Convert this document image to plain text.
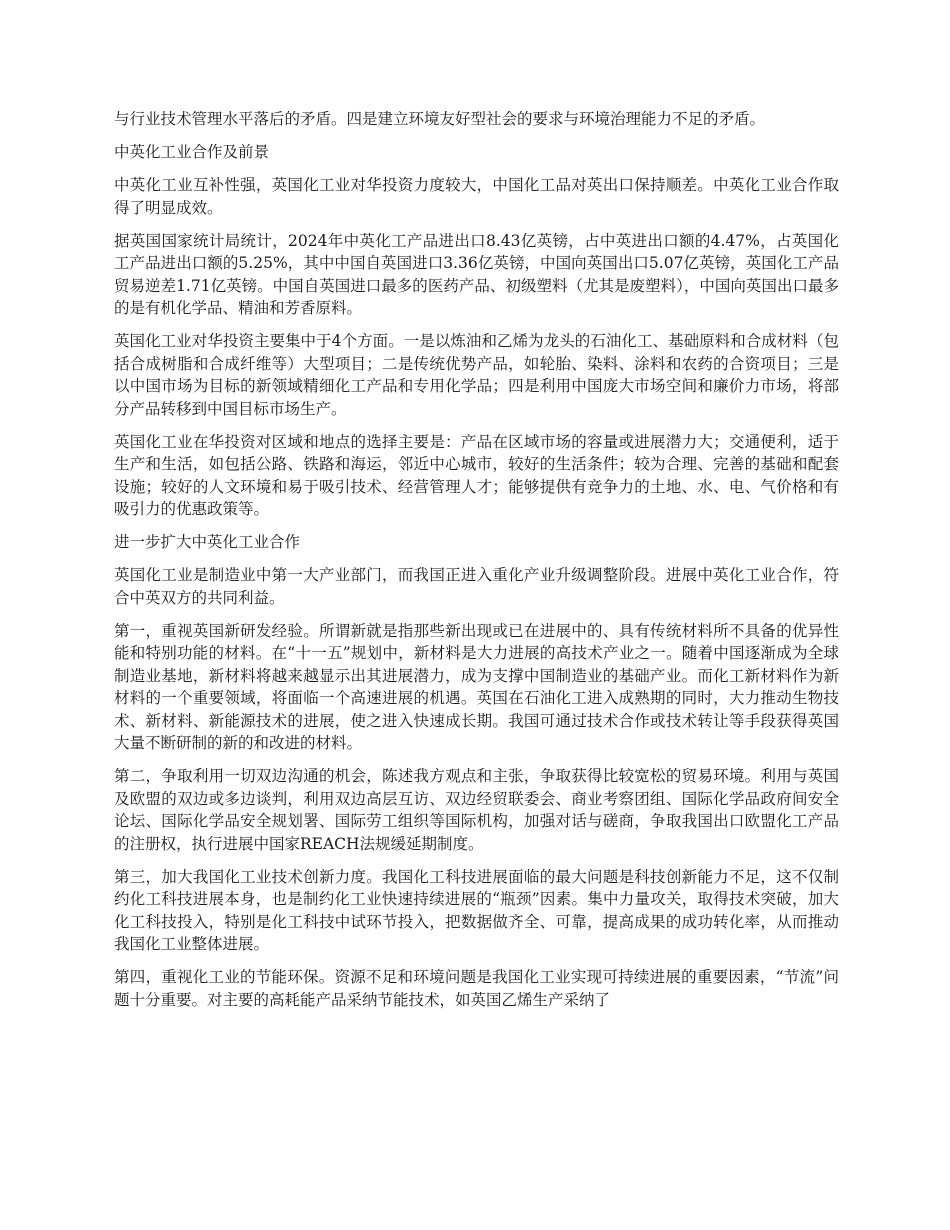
与行业技术管理水平落后的矛盾。四是建立环境友好型社会的要求与环境治理能力不足的矛盾。

中英化工业合作及前景

中英化工业互补性强，英国化工业对华投资力度较大，中国化工品对英出口保持顺差。中英化工业合作取得了明显成效。

据英国国家统计局统计，2024年中英化工产品进出口8.43亿英镑，占中英进出口额的4.47%，占英国化工产品进出口额的5.25%，其中中国自英国进口3.36亿英镑，中国向英国出口5.07亿英镑，英国化工产品贸易逆差1.71亿英镑。中国自英国进口最多的医药产品、初级塑料（尤其是废塑料），中国向英国出口最多的是有机化学品、精油和芳香原料。

英国化工业对华投资主要集中于4个方面。一是以炼油和乙烯为龙头的石油化工、基础原料和合成材料（包括合成树脂和合成纤维等）大型项目；二是传统优势产品，如轮胎、染料、涂料和农药的合资项目；三是以中国市场为目标的新领域精细化工产品和专用化学品；四是利用中国庞大市场空间和廉价力市场，将部分产品转移到中国目标市场生产。

英国化工业在华投资对区域和地点的选择主要是：产品在区域市场的容量或进展潜力大；交通便利，适于生产和生活，如包括公路、铁路和海运，邻近中心城市，较好的生活条件；较为合理、完善的基础和配套设施；较好的人文环境和易于吸引技术、经营管理人才；能够提供有竞争力的土地、水、电、气价格和有吸引力的优惠政策等。

进一步扩大中英化工业合作

英国化工业是制造业中第一大产业部门，而我国正进入重化产业升级调整阶段。进展中英化工业合作，符合中英双方的共同利益。

第一，重视英国新研发经验。所谓新就是指那些新出现或已在进展中的、具有传统材料所不具备的优异性能和特别功能的材料。在“十一五”规划中，新材料是大力进展的高技术产业之一。随着中国逐渐成为全球制造业基地，新材料将越来越显示出其进展潜力，成为支撑中国制造业的基础产业。而化工新材料作为新材料的一个重要领域，将面临一个高速进展的机遇。英国在石油化工进入成熟期的同时，大力推动生物技术、新材料、新能源技术的进展，使之进入快速成长期。我国可通过技术合作或技术转让等手段获得英国大量不断研制的新的和改进的材料。

第二，争取利用一切双边沟通的机会，陈述我方观点和主张，争取获得比较宽松的贸易环境。利用与英国及欧盟的双边或多边谈判，利用双边高层互访、双边经贸联委会、商业考察团组、国际化学品政府间安全论坛、国际化学品安全规划署、国际劳工组织等国际机构，加强对话与磋商，争取我国出口欧盟化工产品的注册权，执行进展中国家REACH法规缓延期制度。

第三，加大我国化工业技术创新力度。我国化工科技进展面临的最大问题是科技创新能力不足，这不仅制约化工科技进展本身，也是制约化工业快速持续进展的“瓶颈”因素。集中力量攻关，取得技术突破，加大化工科技投入，特别是化工科技中试环节投入，把数据做齐全、可靠，提高成果的成功转化率，从而推动我国化工业整体进展。

第四，重视化工业的节能环保。资源不足和环境问题是我国化工业实现可持续进展的重要因素，“节流”问题十分重要。对主要的高耗能产品采纳节能技术，如英国乙烯生产采纳了
